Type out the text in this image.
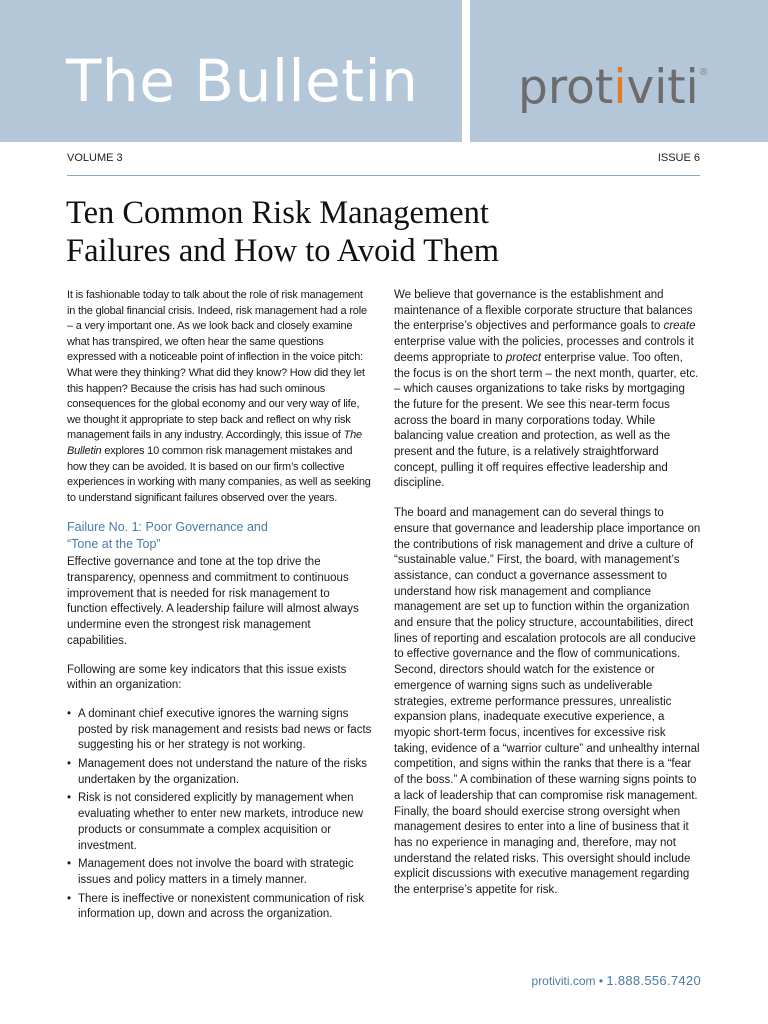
The Bulletin protiviti®
VOLUME 3	ISSUE 6
Ten Common Risk Management
Failures and How to Avoid Them

It is fashionable today to talk about the role of risk management in the global financial crisis. Indeed, risk management had a role – a very important one. As we look back and closely examine what has transpired, we often hear the same questions expressed with a noticeable point of inflection in the voice pitch: What were they thinking? What did they know? How did they let this happen? Because the crisis has had such ominous consequences for the global economy and our very way of life, we thought it appropriate to step back and reflect on why risk management fails in any industry. Accordingly, this issue of The Bulletin explores 10 common risk management mistakes and how they can be avoided. It is based on our firm’s collective experiences in working with many companies, as well as seeking to understand significant failures observed over the years.

Failure No. 1: Poor Governance and
“Tone at the Top”

Effective governance and tone at the top drive the transparency, openness and commitment to continuous improvement that is needed for risk management to function effectively. A leadership failure will almost always undermine even the strongest risk management capabilities.

Following are some key indicators that this issue exists within an organization:

• A dominant chief executive ignores the warning signs posted by risk management and resists bad news or facts suggesting his or her strategy is not working.
• Management does not understand the nature of the risks undertaken by the organization.
• Risk is not considered explicitly by management when evaluating whether to enter new markets, introduce new products or consummate a complex acquisition or investment.
• Management does not involve the board with strategic issues and policy matters in a timely manner.
• There is ineffective or nonexistent communication of risk information up, down and across the organization.

We believe that governance is the establishment and maintenance of a flexible corporate structure that balances the enterprise’s objectives and performance goals to create enterprise value with the policies, processes and controls it deems appropriate to protect enterprise value. Too often, the focus is on the short term – the next month, quarter, etc. – which causes organizations to take risks by mortgaging the future for the present. We see this near-term focus across the board in many corporations today. While balancing value creation and protection, as well as the present and the future, is a relatively straightforward concept, pulling it off requires effective leadership and discipline.

The board and management can do several things to ensure that governance and leadership place importance on the contributions of risk management and drive a culture of “sustainable value.” First, the board, with management’s assistance, can conduct a governance assessment to understand how risk management and compliance management are set up to function within the organization and ensure that the policy structure, accountabilities, direct lines of reporting and escalation protocols are all conducive to effective governance and the flow of communications. Second, directors should watch for the existence or emergence of warning signs such as undeliverable strategies, extreme performance pressures, unrealistic expansion plans, inadequate executive experience, a myopic short-term focus, incentives for excessive risk taking, evidence of a “warrior culture” and unhealthy internal competition, and signs within the ranks that there is a “fear of the boss.” A combination of these warning signs points to a lack of leadership that can compromise risk management. Finally, the board should exercise strong oversight when management desires to enter into a line of business that it has no experience in managing and, therefore, may not understand the related risks. This oversight should include explicit discussions with executive management regarding the enterprise’s appetite for risk.

protiviti.com • 1.888.556.7420
